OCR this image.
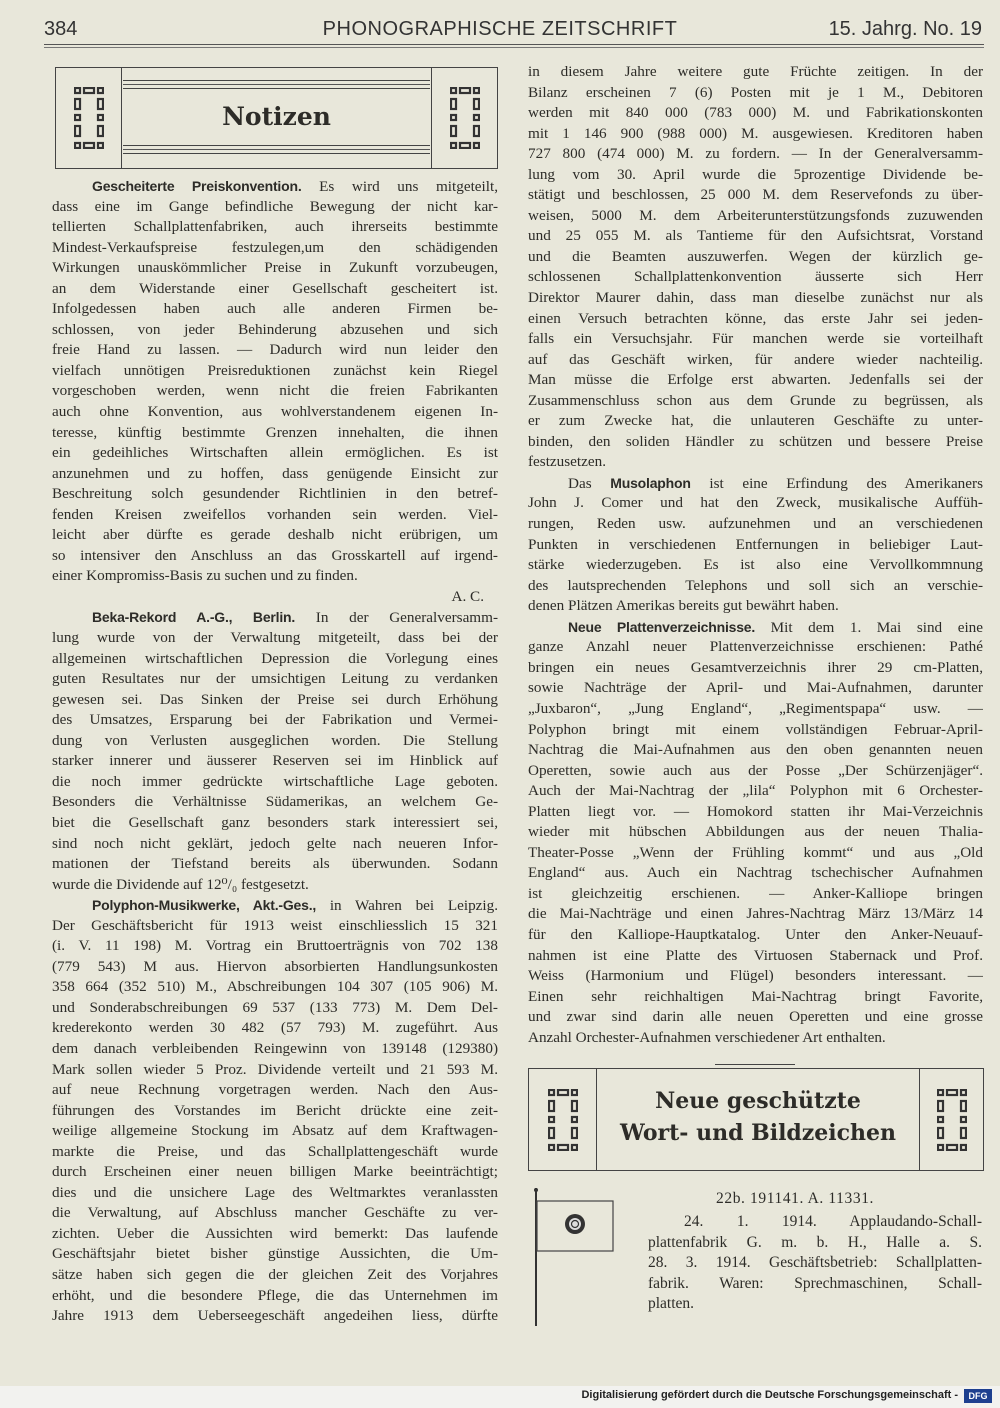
384	PHONOGRAPHISCHE ZEITSCHRIFT	15. Jahrg. No. 19
Notizen
Gescheiterte Preiskonvention. Es wird uns mitgeteilt,
dass eine im Gange befindliche Bewegung der nicht kar-
tellierten Schallplattenfabriken, auch ihrerseits bestimmte
Mindest-Verkaufspreise festzulegen,um den schädigenden
Wirkungen unauskömmlicher Preise in Zukunft vorzubeugen,
an dem Widerstande einer Gesellschaft gescheitert ist.
Infolgedessen haben auch alle anderen Firmen be-
schlossen, von jeder Behinderung abzusehen und sich
freie Hand zu lassen. — Dadurch wird nun leider den
vielfach unnötigen Preisreduktionen zunächst kein Riegel
vorgeschoben werden, wenn nicht die freien Fabrikanten
auch ohne Konvention, aus wohlverstandenem eigenen In-
teresse, künftig bestimmte Grenzen innehalten, die ihnen
ein gedeihliches Wirtschaften allein ermöglichen. Es ist
anzunehmen und zu hoffen, dass genügende Einsicht zur
Beschreitung solch gesundender Richtlinien in den betref-
fenden Kreisen zweifellos vorhanden sein werden. Viel-
leicht aber dürfte es gerade deshalb nicht erübrigen, um
so intensiver den Anschluss an das Grosskartell auf irgend-
einer Kompromiss-Basis zu suchen und zu finden.
A. C.
Beka-Rekord A.-G., Berlin. In der Generalversamm-
lung wurde von der Verwaltung mitgeteilt, dass bei der
allgemeinen wirtschaftlichen Depression die Vorlegung eines
guten Resultates nur der umsichtigen Leitung zu verdanken
gewesen sei. Das Sinken der Preise sei durch Erhöhung
des Umsatzes, Ersparung bei der Fabrikation und Vermei-
dung von Verlusten ausgeglichen worden. Die Stellung
starker innerer und äusserer Reserven sei im Hinblick auf
die noch immer gedrückte wirtschaftliche Lage geboten.
Besonders die Verhältnisse Südamerikas, an welchem Ge-
biet die Gesellschaft ganz besonders stark interessiert sei,
sind noch nicht geklärt, jedoch gelte nach neueren Infor-
mationen der Tiefstand bereits als überwunden. Sodann
wurde die Dividende auf 12⁰/₀ festgesetzt.
Polyphon-Musikwerke, Akt.-Ges., in Wahren bei Leipzig.
Der Geschäftsbericht für 1913 weist einschliesslich 15 321
(i. V. 11 198) M. Vortrag ein Bruttoerträgnis von 702 138
(779 543) M aus. Hiervon absorbierten Handlungsunkosten
358 664 (352 510) M., Abschreibungen 104 307 (105 906) M.
und Sonderabschreibungen 69 537 (133 773) M. Dem Del-
krederekonto werden 30 482 (57 793) M. zugeführt. Aus
dem danach verbleibenden Reingewinn von 139148 (129380)
Mark sollen wieder 5 Proz. Dividende verteilt und 21 593 M.
auf neue Rechnung vorgetragen werden. Nach den Aus-
führungen des Vorstandes im Bericht drückte eine zeit-
weilige allgemeine Stockung im Absatz auf dem Kraftwagen-
markte die Preise, und das Schallplattengeschäft wurde
durch Erscheinen einer neuen billigen Marke beeinträchtigt;
dies und die unsichere Lage des Weltmarktes veranlassten
die Verwaltung, auf Abschluss mancher Geschäfte zu ver-
zichten. Ueber die Aussichten wird bemerkt: Das laufende
Geschäftsjahr bietet bisher günstige Aussichten, die Um-
sätze haben sich gegen die der gleichen Zeit des Vorjahres
erhöht, und die besondere Pflege, die das Unternehmen im
Jahre 1913 dem Ueberseegeschäft angedeihen liess, dürfte
in diesem Jahre weitere gute Früchte zeitigen. In der
Bilanz erscheinen 7 (6) Posten mit je 1 M., Debitoren
werden mit 840 000 (783 000) M. und Fabrikationskonten
mit 1 146 900 (988 000) M. ausgewiesen. Kreditoren haben
727 800 (474 000) M. zu fordern. — In der Generalversamm-
lung vom 30. April wurde die 5prozentige Dividende be-
stätigt und beschlossen, 25 000 M. dem Reservefonds zu über-
weisen, 5000 M. dem Arbeiterunterstützungsfonds zuzuwenden
und 25 055 M. als Tantieme für den Aufsichtsrat, Vorstand
und die Beamten auszuwerfen. Wegen der kürzlich ge-
schlossenen Schallplattenkonvention äusserte sich Herr
Direktor Maurer dahin, dass man dieselbe zunächst nur als
einen Versuch betrachten könne, das erste Jahr sei jeden-
falls ein Versuchsjahr. Für manchen werde sie vorteilhaft
auf das Geschäft wirken, für andere wieder nachteilig.
Man müsse die Erfolge erst abwarten. Jedenfalls sei der
Zusammenschluss schon aus dem Grunde zu begrüssen, als
er zum Zwecke hat, die unlauteren Geschäfte zu unter-
binden, den soliden Händler zu schützen und bessere Preise
festzusetzen.
Das Musolaphon ist eine Erfindung des Amerikaners
John J. Comer und hat den Zweck, musikalische Auffüh-
rungen, Reden usw. aufzunehmen und an verschiedenen
Punkten in verschiedenen Entfernungen in beliebiger Laut-
stärke wiederzugeben. Es ist also eine Vervollkommnung
des lautsprechenden Telephons und soll sich an verschie-
denen Plätzen Amerikas bereits gut bewährt haben.
Neue Plattenverzeichnisse. Mit dem 1. Mai sind eine
ganze Anzahl neuer Plattenverzeichnisse erschienen: Pathé
bringen ein neues Gesamtverzeichnis ihrer 29 cm-Platten,
sowie Nachträge der April- und Mai-Aufnahmen, darunter
„Juxbaron“, „Jung England“, „Regimentspapa“ usw. —
Polyphon bringt mit einem vollständigen Februar-April-
Nachtrag die Mai-Aufnahmen aus den oben genannten neuen
Operetten, sowie auch aus der Posse „Der Schürzenjäger“.
Auch der Mai-Nachtrag der „lila“ Polyphon mit 6 Orchester-
Platten liegt vor. — Homokord statten ihr Mai-Verzeichnis
wieder mit hübschen Abbildungen aus der neuen Thalia-
Theater-Posse „Wenn der Frühling kommt“ und aus „Old
England“ aus. Auch ein Nachtrag tschechischer Aufnahmen
ist gleichzeitig erschienen. — Anker-Kalliope bringen
die Mai-Nachträge und einen Jahres-Nachtrag März 13/März 14
für den Kalliope-Hauptkatalog. Unter den Anker-Neuauf-
nahmen ist eine Platte des Virtuosen Stabernack und Prof.
Weiss (Harmonium und Flügel) besonders interessant. —
Einen sehr reichhaltigen Mai-Nachtrag bringt Favorite,
und zwar sind darin alle neuen Operetten und eine grosse
Anzahl Orchester-Aufnahmen verschiedener Art enthalten.
Neue geschützte
Wort- und Bildzeichen
22b. 191141. A. 11331.
24. 1. 1914. Applaudando-Schall-
plattenfabrik G. m. b. H., Halle a. S.
28. 3. 1914. Geschäftsbetrieb: Schallplatten-
fabrik. Waren: Sprechmaschinen, Schall-
platten.
Digitalisierung gefördert durch die Deutsche Forschungsgemeinschaft -	DFG
